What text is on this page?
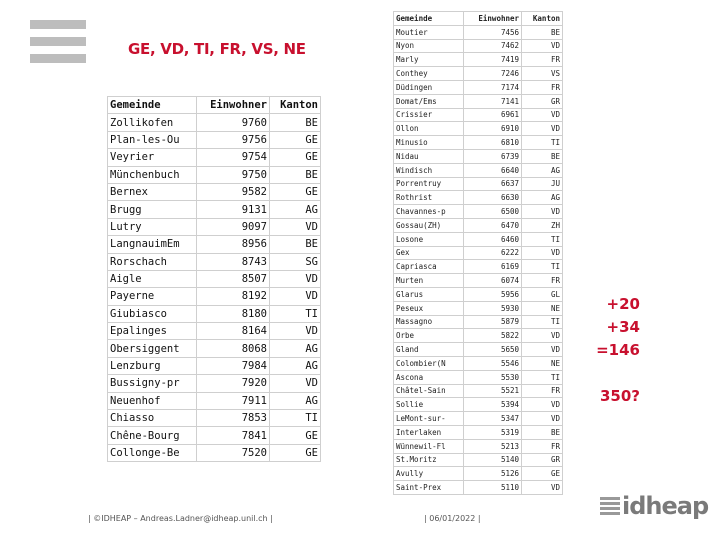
GE, VD, TI, FR, VS, NE
Gemeinde	Einwohner	Kanton
Zollikofen	9760	BE
Plan-les-Ou	9756	GE
Veyrier	9754	GE
Münchenbuch	9750	BE
Bernex	9582	GE
Brugg	9131	AG
Lutry	9097	VD
LangnauimEm	8956	BE
Rorschach	8743	SG
Aigle	8507	VD
Payerne	8192	VD
Giubiasco	8180	TI
Epalinges	8164	VD
Obersiggent	8068	AG
Lenzburg	7984	AG
Bussigny-pr	7920	VD
Neuenhof	7911	AG
Chiasso	7853	TI
Chêne-Bourg	7841	GE
Collonge-Be	7520	GE
Gemeinde	Einwohner	Kanton
Moutier	7456	BE
Nyon	7462	VD
Marly	7419	FR
Conthey	7246	VS
Düdingen	7174	FR
Domat/Ems	7141	GR
Crissier	6961	VD
Ollon	6910	VD
Minusio	6810	TI
Nidau	6739	BE
Windisch	6640	AG
Porrentruy	6637	JU
Rothrist	6630	AG
Chavannes-p	6500	VD
Gossau(ZH)	6470	ZH
Losone	6460	TI
Gex	6222	VD
Capriasca	6169	TI
Murten	6074	FR
Glarus	5956	GL
Peseux	5930	NE
Massagno	5879	TI
Orbe	5822	VD
Gland	5650	VD
Colombier(N	5546	NE
Ascona	5530	TI
Châtel-Sain	5521	FR
Sollie	5394	VD
LeMont-sur-	5347	VD
Interlaken	5319	BE
Wünnewil-Fl	5213	FR
St.Moritz	5140	GR
Avully	5126	GE
Saint-Prex	5110	VD
+20
+34
=146
350?
| ©IDHEAP – Andreas.Ladner@idheap.unil.ch |	| 06/01/2022 |	idheap
